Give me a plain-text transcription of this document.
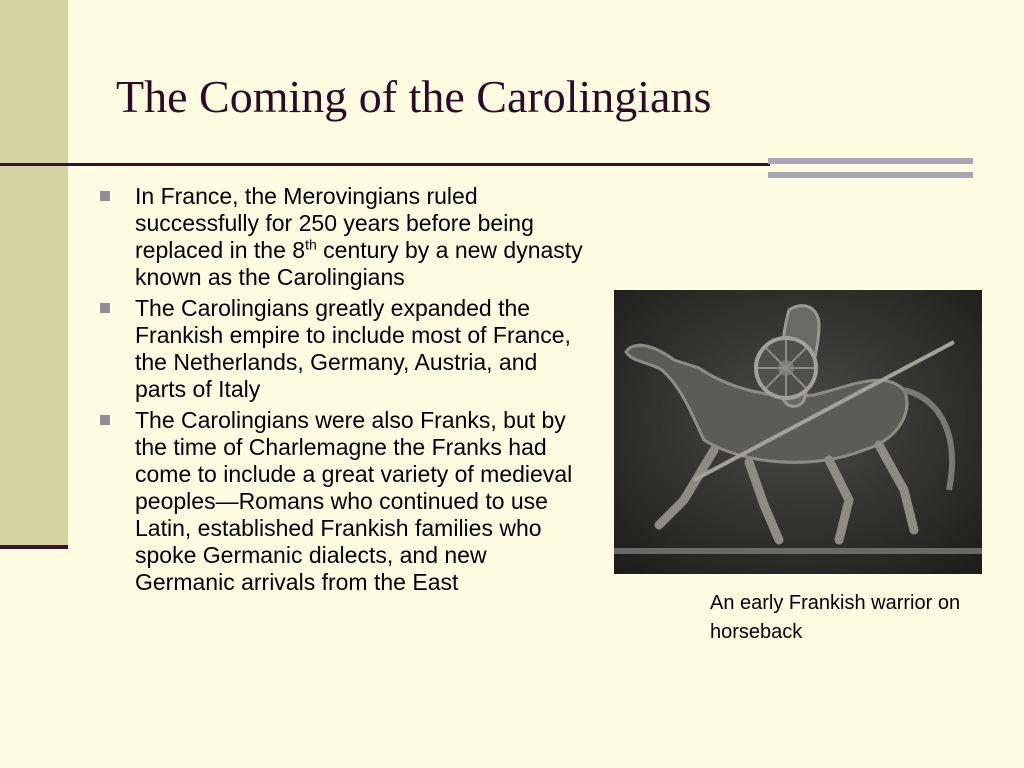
The Coming of the Carolingians
In France, the Merovingians ruled successfully for 250 years before being replaced in the 8th century by a new dynasty known as the Carolingians
The Carolingians greatly expanded the Frankish empire to include most of France, the Netherlands, Germany, Austria, and parts of Italy
The Carolingians were also Franks, but by the time of Charlemagne the Franks had come to include a great variety of medieval peoples—Romans who continued to use Latin, established Frankish families who spoke Germanic dialects, and new Germanic arrivals from the East
An early Frankish warrior on horseback
